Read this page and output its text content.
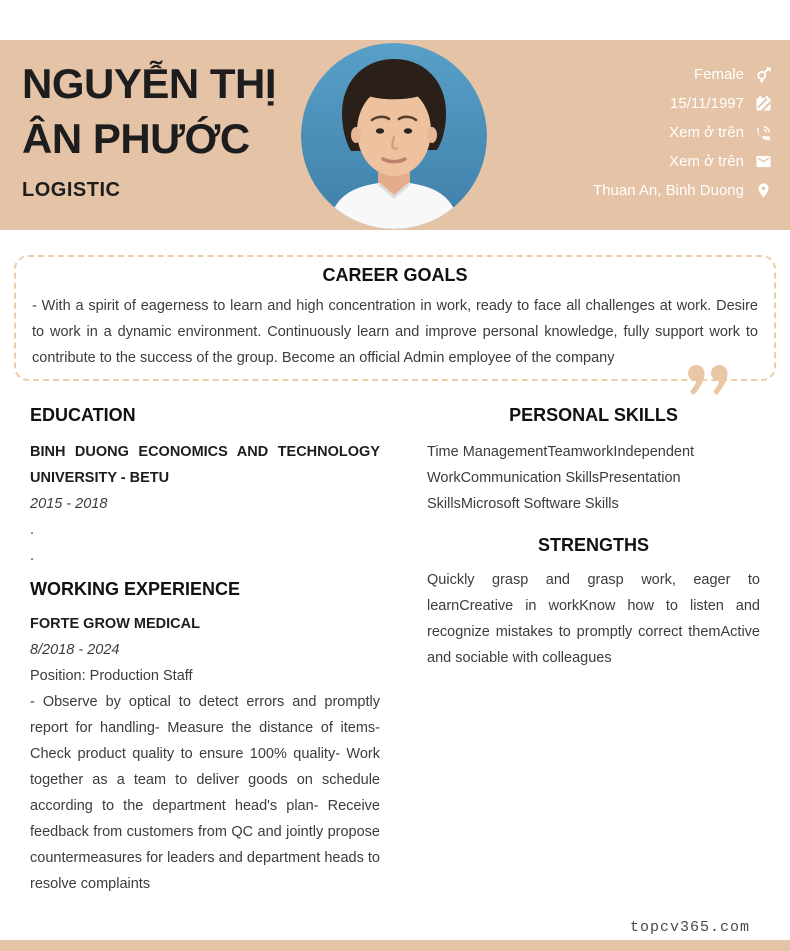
NGUYỄN THỊ
ÂN PHƯỚC
LOGISTIC
Female
15/11/1997
Xem ở trên
Xem ở trên
Thuan An, Binh Duong
CAREER GOALS

- With a spirit of eagerness to learn and high concentration in work, ready to face all challenges at work. Desire to work in a dynamic environment. Continuously learn and improve personal knowledge, fully support work to contribute to the success of the group. Become an official Admin employee of the company

EDUCATION
BINH DUONG ECONOMICS AND TECHNOLOGY UNIVERSITY - BETU
2015 - 2018
.
.
WORKING EXPERIENCE
FORTE GROW MEDICAL
8/2018 - 2024
Position: Production Staff
- Observe by optical to detect errors and promptly report for handling- Measure the distance of items- Check product quality to ensure 100% quality- Work together as a team to deliver goods on schedule according to the department head's plan- Receive feedback from customers from QC and jointly propose countermeasures for leaders and department heads to resolve complaints
PERSONAL SKILLS
Time ManagementTeamworkIndependent WorkCommunication SkillsPresentation SkillsMicrosoft Software Skills
STRENGTHS
Quickly grasp and grasp work, eager to learnCreative in workKnow how to listen and recognize mistakes to promptly correct themActive and sociable with colleagues
topcv365.com
